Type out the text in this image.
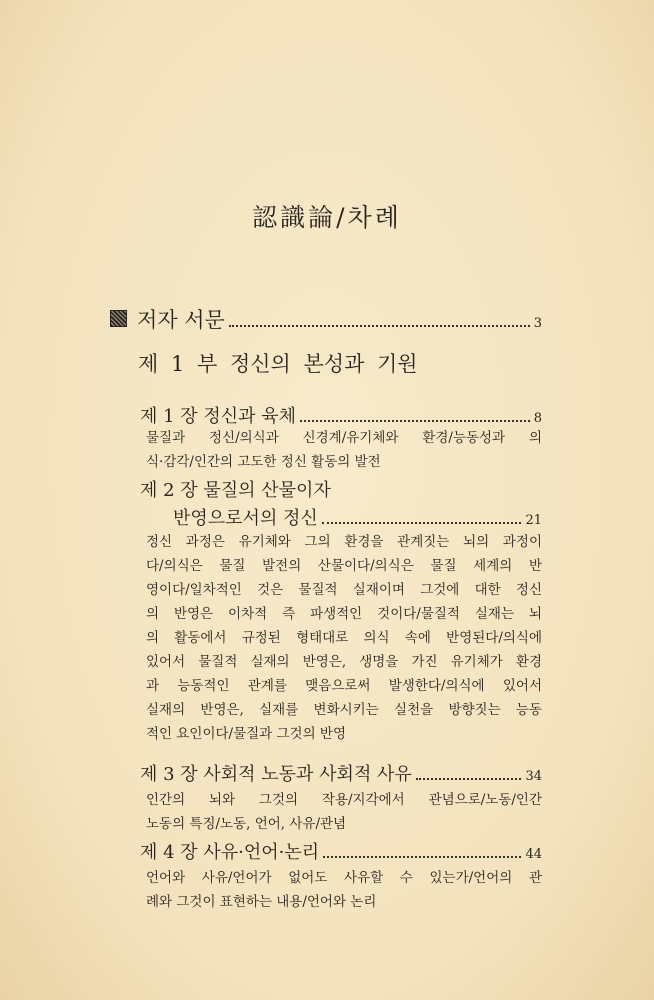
認識論/차례
저자 서문	3
제 1 부 정신의 본성과 기원
제 1 장 정신과 육체	8
물질과 정신/의식과 신경계/유기체와 환경/능동성과 의
식·감각/인간의 고도한 정신 활동의 발전
제 2 장 물질의 산물이자
반영으로서의 정신	21
정신 과정은 유기체와 그의 환경을 관계짓는 뇌의 과정이
다/의식은 물질 발전의 산물이다/의식은 물질 세계의 반
영이다/일차적인 것은 물질적 실재이며 그것에 대한 정신
의 반영은 이차적 즉 파생적인 것이다/물질적 실재는 뇌
의 활동에서 규정된 형태대로 의식 속에 반영된다/의식에
있어서 물질적 실재의 반영은, 생명을 가진 유기체가 환경
과 능동적인 관계를 맺음으로써 발생한다/의식에 있어서
실재의 반영은, 실재를 변화시키는 실천을 방향짓는 능동
적인 요인이다/물질과 그것의 반영
제 3 장 사회적 노동과 사회적 사유	34
인간의 뇌와 그것의 작용/지각에서 관념으로/노동/인간
노동의 특징/노동, 언어, 사유/관념
제 4 장 사유·언어·논리	44
언어와 사유/언어가 없어도 사유할 수 있는가/언어의 관
례와 그것이 표현하는 내용/언어와 논리
